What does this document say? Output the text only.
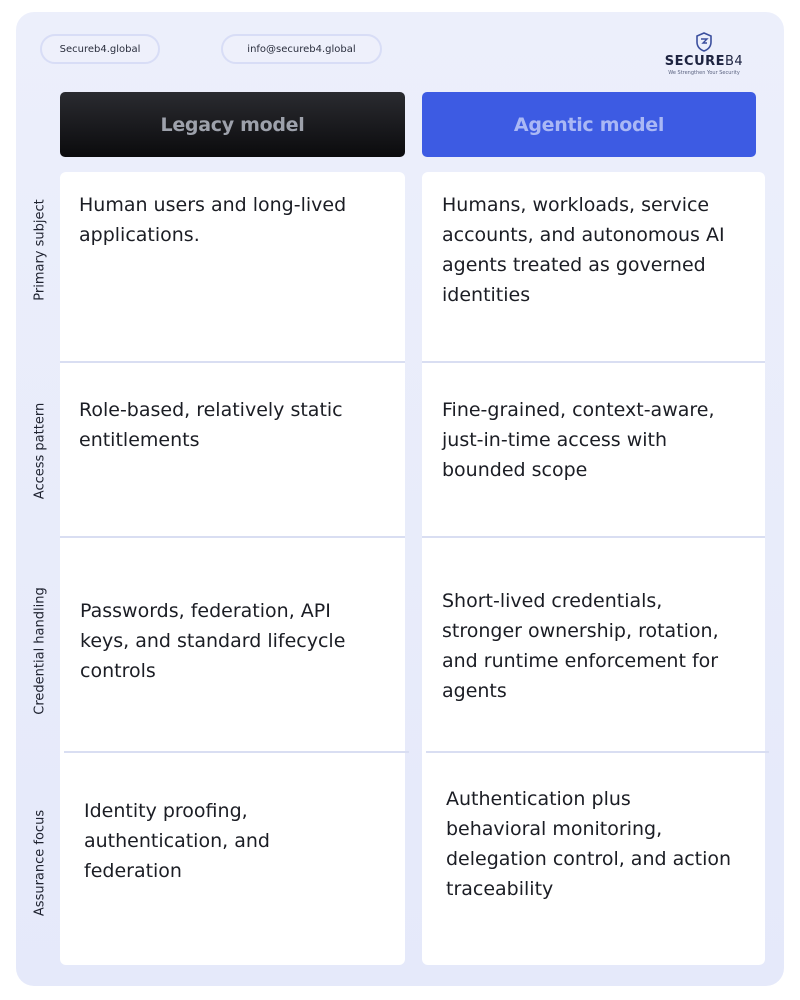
Secureb4.global	info@secureb4.global
SECUREB4
We Strengthen Your Security
Legacy model	Agentic model
Primary subject
Access pattern
Credential handling
Assurance focus
Human users and long-lived applications.
Humans, workloads, service accounts, and autonomous AI agents treated as governed identities
Role-based, relatively static entitlements
Fine-grained, context-aware, just-in-time access with bounded scope
Passwords, federation, API keys, and standard lifecycle controls
Short-lived credentials, stronger ownership, rotation, and runtime enforcement for agents
Identity proofing, authentication, and federation
Authentication plus behavioral monitoring, delegation control, and action traceability
